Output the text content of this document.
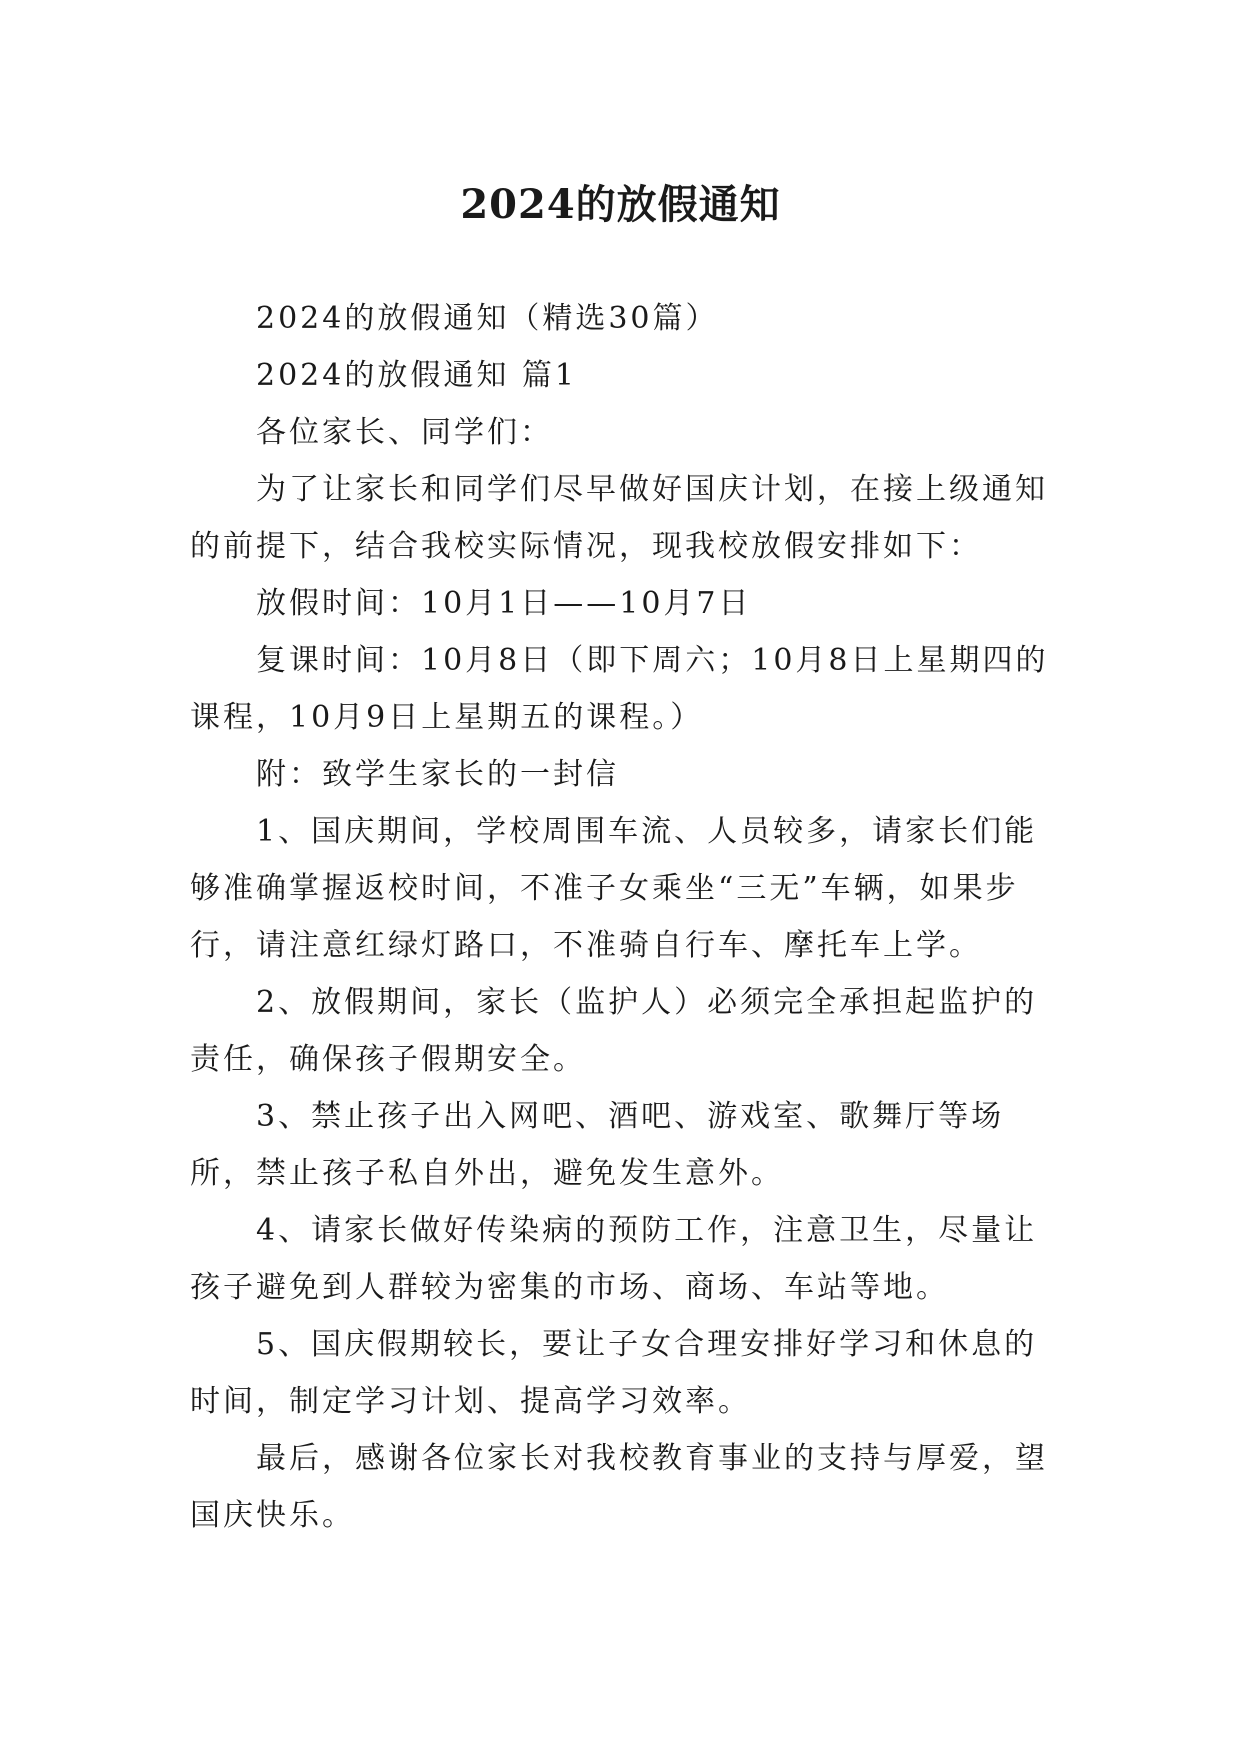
2024的放假通知

2024的放假通知（精选30篇）

2024的放假通知 篇1

各位家长、同学们：

为了让家长和同学们尽早做好国庆计划，在接上级通知的前提下，结合我校实际情况，现我校放假安排如下：

放假时间：10月1日——10月7日

复课时间：10月8日（即下周六；10月8日上星期四的课程，10月9日上星期五的课程。）

附：致学生家长的一封信

1、国庆期间，学校周围车流、人员较多，请家长们能够准确掌握返校时间，不准子女乘坐“三无”车辆，如果步行，请注意红绿灯路口，不准骑自行车、摩托车上学。

2、放假期间，家长（监护人）必须完全承担起监护的责任，确保孩子假期安全。

3、禁止孩子出入网吧、酒吧、游戏室、歌舞厅等场所，禁止孩子私自外出，避免发生意外。

4、请家长做好传染病的预防工作，注意卫生，尽量让孩子避免到人群较为密集的市场、商场、车站等地。

5、国庆假期较长，要让子女合理安排好学习和休息的时间，制定学习计划、提高学习效率。

最后，感谢各位家长对我校教育事业的支持与厚爱，望国庆快乐。
